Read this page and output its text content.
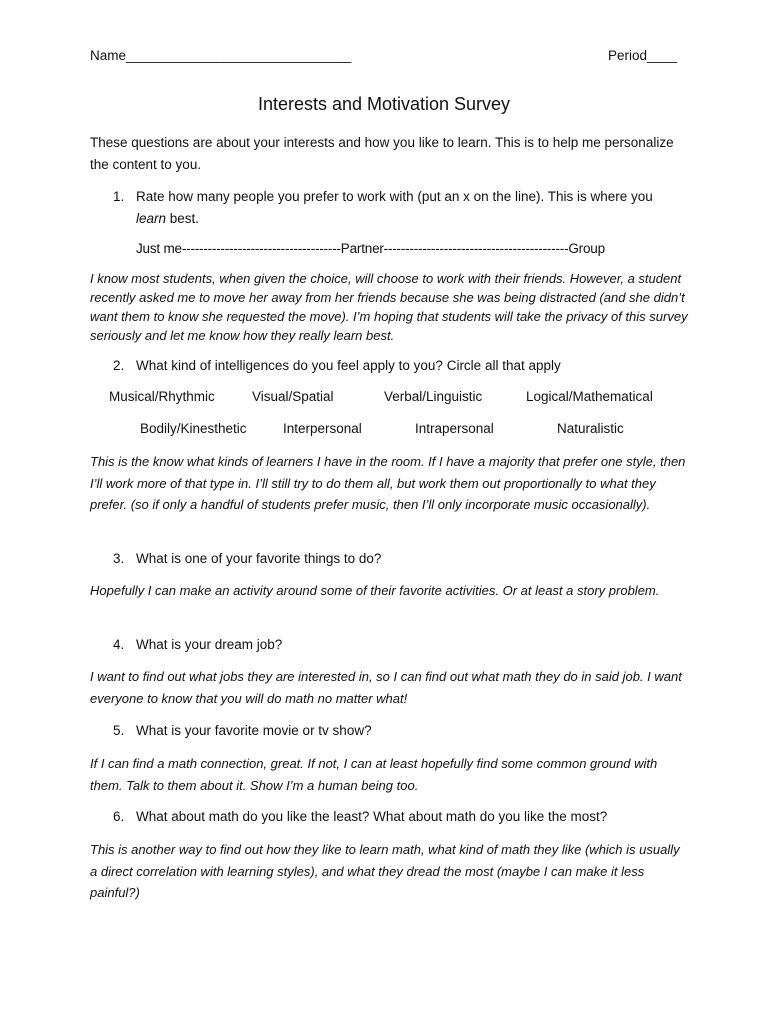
Name______________________________	Period____
Interests and Motivation Survey
These questions are about your interests and how you like to learn. This is to help me personalize the content to you.
1. Rate how many people you prefer to work with (put an x on the line). This is where you learn best.
Just me-------------------------------------Partner-------------------------------------------Group
I know most students, when given the choice, will choose to work with their friends. However, a student recently asked me to move her away from her friends because she was being distracted (and she didn’t want them to know she requested the move). I’m hoping that students will take the privacy of this survey seriously and let me know how they really learn best.
2. What kind of intelligences do you feel apply to you? Circle all that apply
Musical/Rhythmic	Visual/Spatial	Verbal/Linguistic	Logical/Mathematical
Bodily/Kinesthetic	Interpersonal	Intrapersonal	Naturalistic
This is the know what kinds of learners I have in the room. If I have a majority that prefer one style, then I’ll work more of that type in. I’ll still try to do them all, but work them out proportionally to what they prefer. (so if only a handful of students prefer music, then I’ll only incorporate music occasionally).
3. What is one of your favorite things to do?
Hopefully I can make an activity around some of their favorite activities. Or at least a story problem.
4. What is your dream job?
I want to find out what jobs they are interested in, so I can find out what math they do in said job. I want everyone to know that you will do math no matter what!
5. What is your favorite movie or tv show?
If I can find a math connection, great. If not, I can at least hopefully find some common ground with them. Talk to them about it. Show I’m a human being too.
6. What about math do you like the least? What about math do you like the most?
This is another way to find out how they like to learn math, what kind of math they like (which is usually a direct correlation with learning styles), and what they dread the most (maybe I can make it less painful?)
